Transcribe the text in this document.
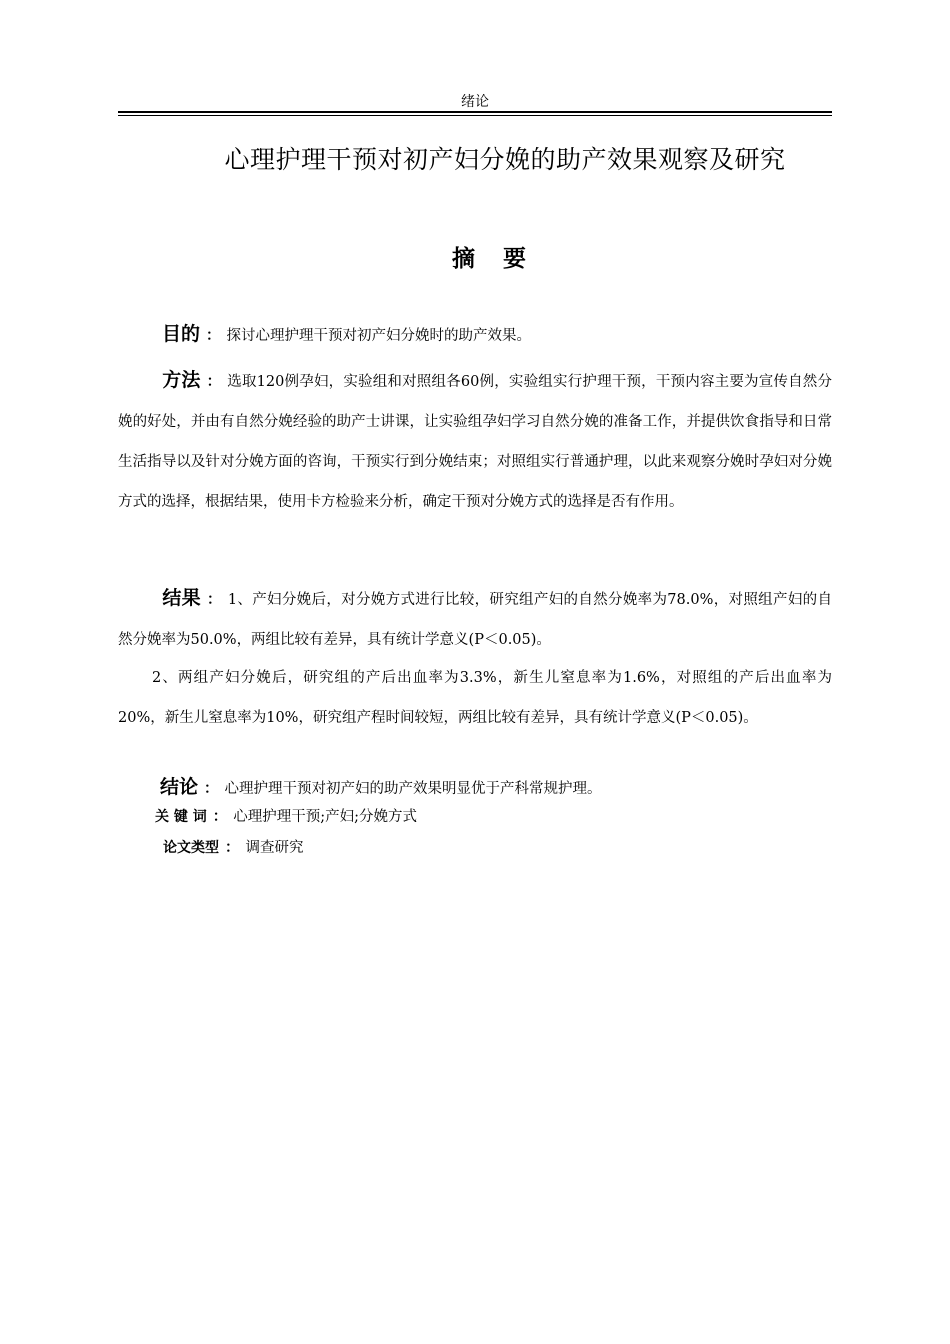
绪论
心理护理干预对初产妇分娩的助产效果观察及研究
摘要
目的 ： 探讨心理护理干预对初产妇分娩时的助产效果。
方法 ： 选取120例孕妇，实验组和对照组各60例，实验组实行护理干预，干预内容主要为宣传自然分娩的好处，并由有自然分娩经验的助产士讲课，让实验组孕妇学习自然分娩的准备工作，并提供饮食指导和日常生活指导以及针对分娩方面的咨询，干预实行到分娩结束；对照组实行普通护理，以此来观察分娩时孕妇对分娩方式的选择，根据结果，使用卡方检验来分析，确定干预对分娩方式的选择是否有作用。
结果 ： 1、产妇分娩后，对分娩方式进行比较，研究组产妇的自然分娩率为78.0%，对照组产妇的自然分娩率为50.0%，两组比较有差异，具有统计学意义(P＜0.05)。
2、两组产妇分娩后，研究组的产后出血率为3.3%，新生儿窒息率为1.6%，对照组的产后出血率为20%，新生儿窒息率为10%，研究组产程时间较短，两组比较有差异，具有统计学意义(P＜0.05)。
结论 ： 心理护理干预对初产妇的助产效果明显优于产科常规护理。
关 键 词 ： 心理护理干预;产妇;分娩方式
论文类型 ： 调查研究
